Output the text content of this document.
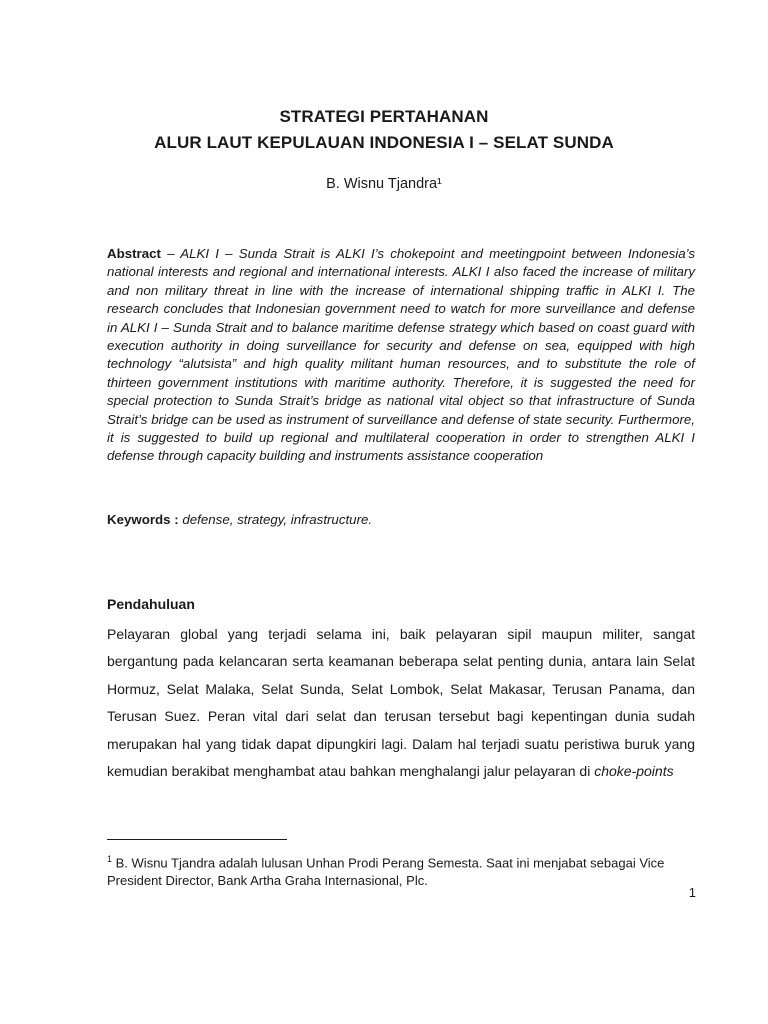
STRATEGI PERTAHANAN
ALUR LAUT KEPULAUAN INDONESIA I – SELAT SUNDA
B. Wisnu Tjandra¹
Abstract – ALKI I – Sunda Strait is ALKI I’s chokepoint and meetingpoint between Indonesia’s national interests and regional and international interests. ALKI I also faced the increase of military and non military threat in line with the increase of international shipping traffic in ALKI I. The research concludes that Indonesian government need to watch for more surveillance and defense in ALKI I – Sunda Strait and to balance maritime defense strategy which based on coast guard with execution authority in doing surveillance for security and defense on sea, equipped with high technology “alutsista” and high quality militant human resources, and to substitute the role of thirteen government institutions with maritime authority. Therefore, it is suggested the need for special protection to Sunda Strait’s bridge as national vital object so that infrastructure of Sunda Strait’s bridge can be used as instrument of surveillance and defense of state security. Furthermore, it is suggested to build up regional and multilateral cooperation in order to strengthen ALKI I defense through capacity building and instruments assistance cooperation
Keywords : defense, strategy, infrastructure.
Pendahuluan
Pelayaran global yang terjadi selama ini, baik pelayaran sipil maupun militer, sangat bergantung pada kelancaran serta keamanan beberapa selat penting dunia, antara lain Selat Hormuz, Selat Malaka, Selat Sunda, Selat Lombok, Selat Makasar, Terusan Panama, dan Terusan Suez. Peran vital dari selat dan terusan tersebut bagi kepentingan dunia sudah merupakan hal yang tidak dapat dipungkiri lagi. Dalam hal terjadi suatu peristiwa buruk yang kemudian berakibat menghambat atau bahkan menghalangi jalur pelayaran di choke-points
$^1$ B. Wisnu Tjandra adalah lulusan Unhan Prodi Perang Semesta. Saat ini menjabat sebagai Vice President Director, Bank Artha Graha Internasional, Plc.
1
